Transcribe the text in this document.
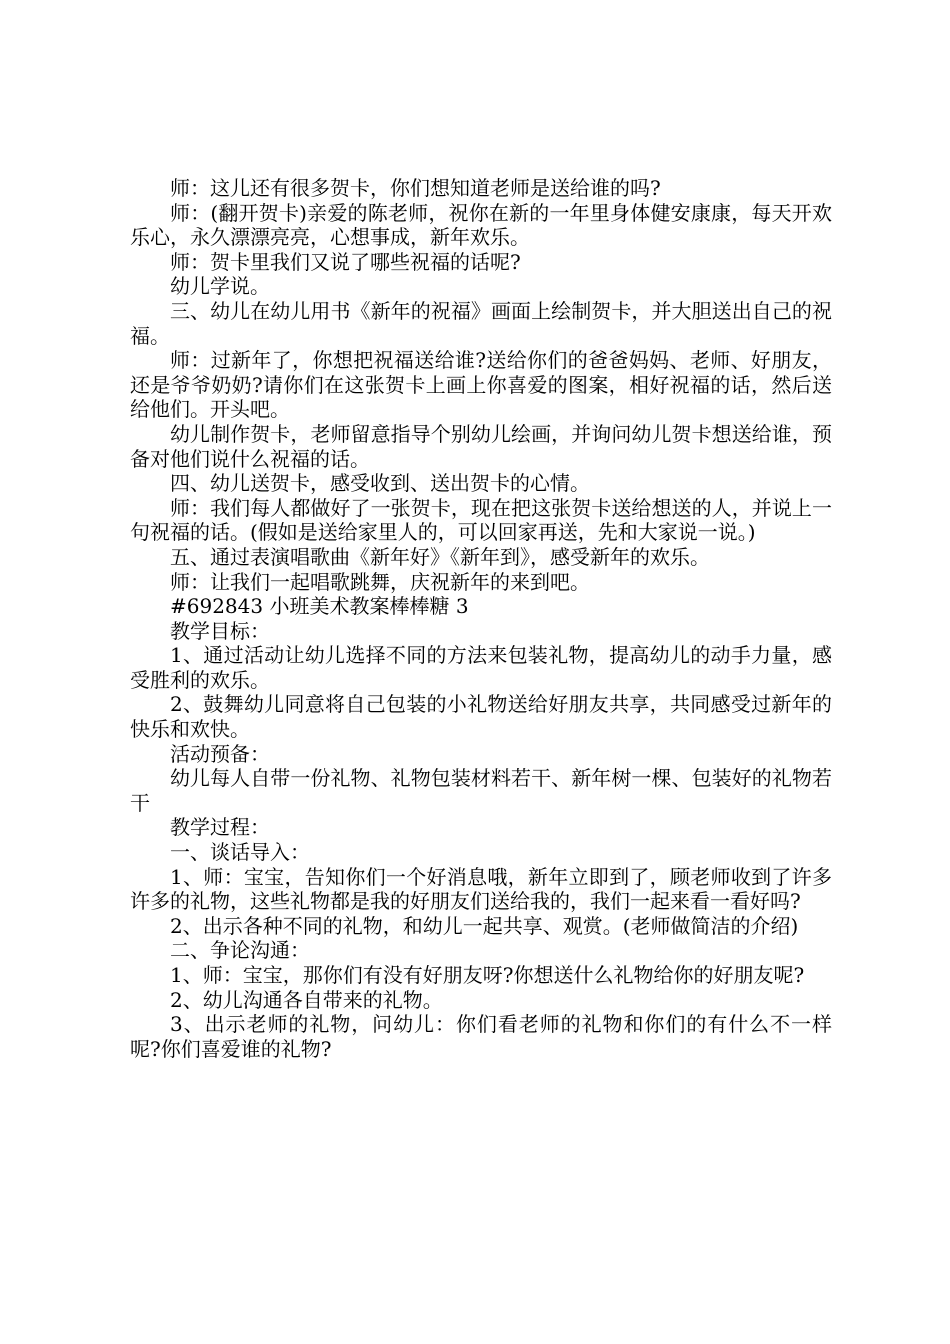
师：这儿还有很多贺卡，你们想知道老师是送给谁的吗?

师：(翻开贺卡)亲爱的陈老师，祝你在新的一年里身体健安康康，每天开欢乐心，永久漂漂亮亮，心想事成，新年欢乐。

师：贺卡里我们又说了哪些祝福的话呢?

幼儿学说。

三、幼儿在幼儿用书《新年的祝福》画面上绘制贺卡，并大胆送出自己的祝福。

师：过新年了，你想把祝福送给谁?送给你们的爸爸妈妈、老师、好朋友，还是爷爷奶奶?请你们在这张贺卡上画上你喜爱的图案，相好祝福的话，然后送给他们。开头吧。

幼儿制作贺卡，老师留意指导个别幼儿绘画，并询问幼儿贺卡想送给谁，预备对他们说什么祝福的话。

四、幼儿送贺卡，感受收到、送出贺卡的心情。

师：我们每人都做好了一张贺卡，现在把这张贺卡送给想送的人，并说上一句祝福的话。(假如是送给家里人的，可以回家再送，先和大家说一说。)

五、通过表演唱歌曲《新年好》《新年到》，感受新年的欢乐。

师：让我们一起唱歌跳舞，庆祝新年的来到吧。

#692843 小班美术教案棒棒糖 3

教学目标：

1、通过活动让幼儿选择不同的方法来包装礼物，提高幼儿的动手力量，感受胜利的欢乐。

2、鼓舞幼儿同意将自己包装的小礼物送给好朋友共享，共同感受过新年的快乐和欢快。

活动预备：

幼儿每人自带一份礼物、礼物包装材料若干、新年树一棵、包装好的礼物若干

教学过程：

一、谈话导入：

1、师：宝宝，告知你们一个好消息哦，新年立即到了，顾老师收到了许多许多的礼物，这些礼物都是我的好朋友们送给我的，我们一起来看一看好吗?

2、出示各种不同的礼物，和幼儿一起共享、观赏。(老师做简洁的介绍)

二、争论沟通：

1、师：宝宝，那你们有没有好朋友呀?你想送什么礼物给你的好朋友呢?

2、幼儿沟通各自带来的礼物。

3、出示老师的礼物，问幼儿：你们看老师的礼物和你们的有什么不一样呢?你们喜爱谁的礼物?
